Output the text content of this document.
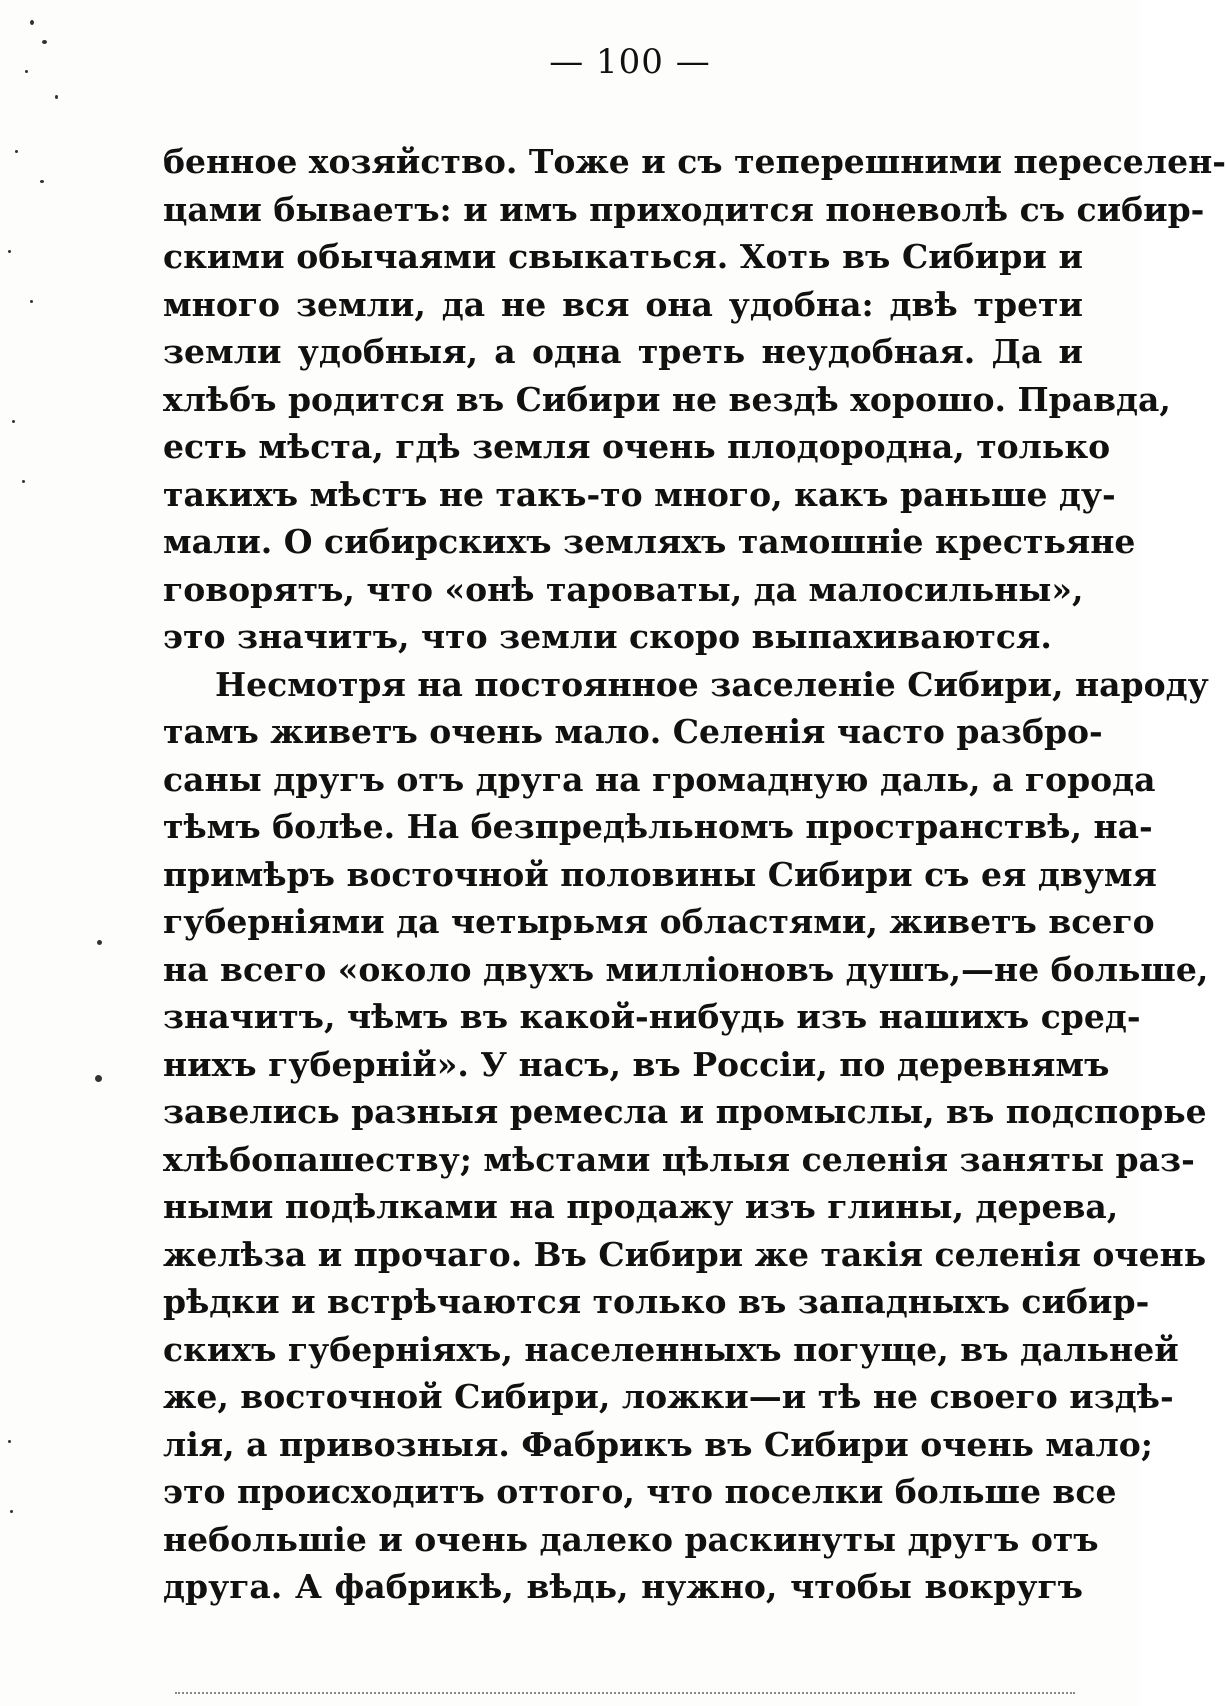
— 100 —
бенное хозяйство. Тоже и съ теперешними переселен-
цами бываетъ: и имъ приходится поневолѣ съ сибир-
скими обычаями свыкаться. Хоть въ Сибири и
много земли, да не вся она удобна: двѣ трети
земли удобныя, а одна треть неудобная. Да и
хлѣбъ родится въ Сибири не вездѣ хорошо. Правда,
есть мѣста, гдѣ земля очень плодородна, только
такихъ мѣстъ не такъ-то много, какъ раньше ду-
мали. О сибирскихъ земляхъ тамошніе крестьяне
говорятъ, что «онѣ тароваты, да малосильны»,
это значитъ, что земли скоро выпахиваются.
Несмотря на постоянное заселеніе Сибири, народу
тамъ живетъ очень мало. Селенія часто разбро-
саны другъ отъ друга на громадную даль, а города
тѣмъ болѣе. На безпредѣльномъ пространствѣ, на-
примѣръ восточной половины Сибири съ ея двумя
губерніями да четырьмя областями, живетъ всего
на всего «около двухъ милліоновъ душъ,—не больше,
значитъ, чѣмъ въ какой-нибудь изъ нашихъ сред-
нихъ губерній». У насъ, въ Россіи, по деревнямъ
завелись разныя ремесла и промыслы, въ подспорье
хлѣбопашеству; мѣстами цѣлыя селенія заняты раз-
ными подѣлками на продажу изъ глины, дерева,
желѣза и прочаго. Въ Сибири же такія селенія очень
рѣдки и встрѣчаются только въ западныхъ сибир-
скихъ губерніяхъ, населенныхъ погуще, въ дальней
же, восточной Сибири, ложки—и тѣ не своего издѣ-
лія, а привозныя. Фабрикъ въ Сибири очень мало;
это происходитъ оттого, что поселки больше все
небольшіе и очень далеко раскинуты другъ отъ
друга. А фабрикѣ, вѣдь, нужно, чтобы вокругъ
